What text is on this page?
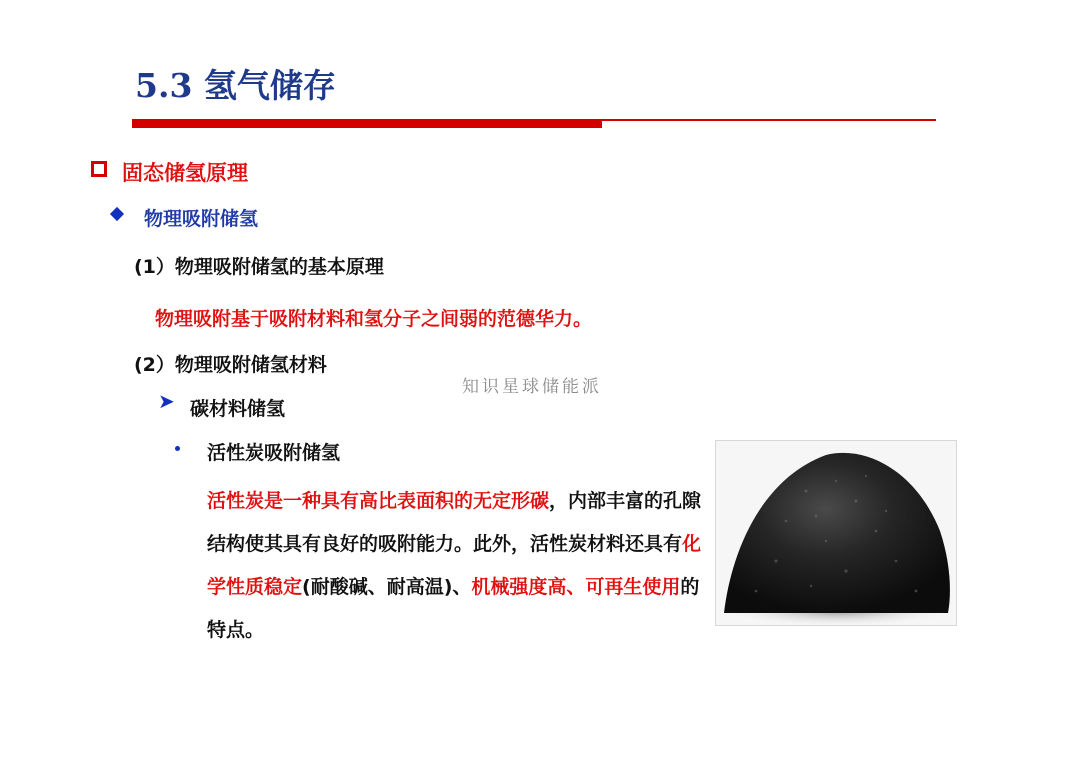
5.3 氢气储存
固态储氢原理
物理吸附储氢
(1）物理吸附储氢的基本原理
物理吸附基于吸附材料和氢分子之间弱的范德华力。
(2）物理吸附储氢材料
知识星球储能派
➤ 碳材料储氢
活性炭吸附储氢
活性炭是一种具有高比表面积的无定形碳，内部丰富的孔隙结构使其具有良好的吸附能力。此外，活性炭材料还具有化学性质稳定(耐酸碱、耐高温)、机械强度高、可再生使用的特点。
